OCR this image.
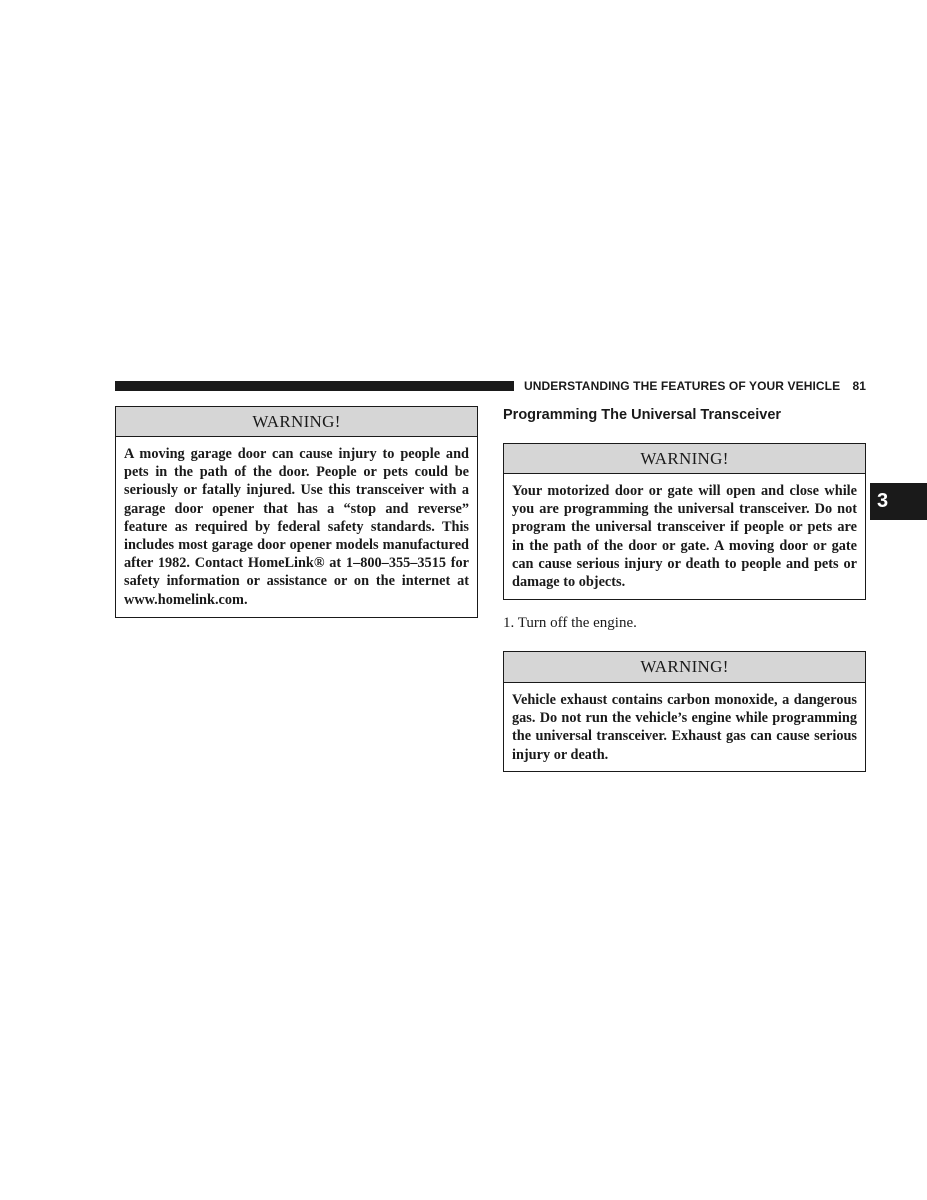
UNDERSTANDING THE FEATURES OF YOUR VEHICLE 81
3
WARNING!
A moving garage door can cause injury to people and pets in the path of the door. People or pets could be seriously or fatally injured. Use this transceiver with a garage door opener that has a “stop and reverse” feature as required by federal safety standards. This includes most garage door opener models manufactured after 1982. Contact HomeLink® at 1–800–355–3515 for safety information or assistance or on the internet at www.homelink.com.
Programming The Universal Transceiver
WARNING!
Your motorized door or gate will open and close while you are programming the universal transceiver. Do not program the universal transceiver if people or pets are in the path of the door or gate. A moving door or gate can cause serious injury or death to people and pets or damage to objects.
1. Turn off the engine.
WARNING!
Vehicle exhaust contains carbon monoxide, a dangerous gas. Do not run the vehicle’s engine while programming the universal transceiver. Exhaust gas can cause serious injury or death.
